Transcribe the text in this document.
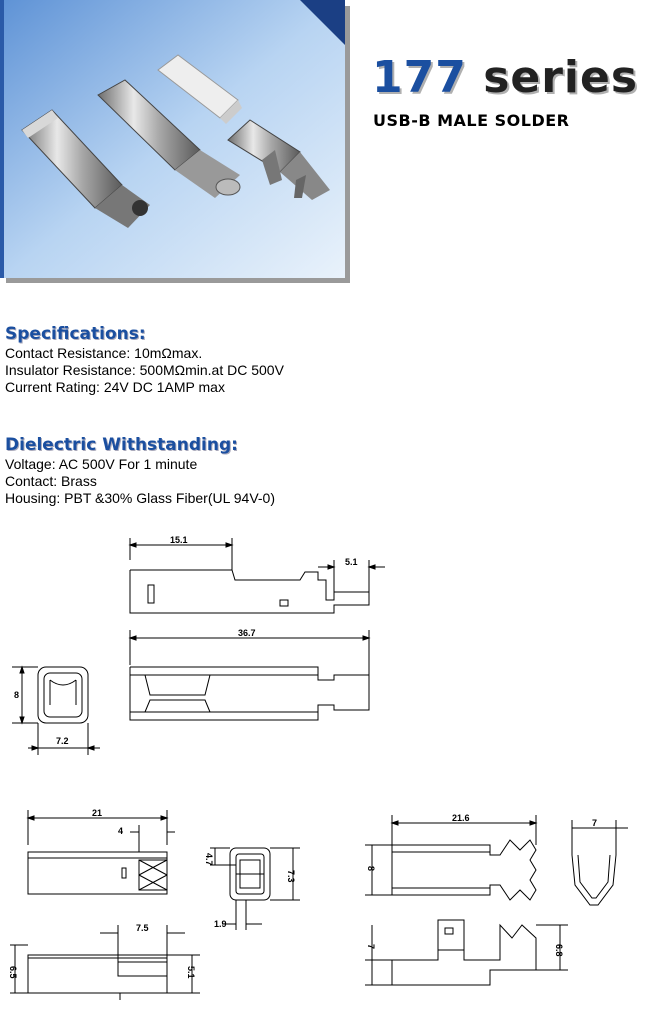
177 series
USB-B MALE SOLDER
Specifications:
Contact Resistance: 10mΩmax.
Insulator Resistance: 500MΩmin.at DC 500V
Current Rating: 24V DC 1AMP max
Dielectric Withstanding:
Voltage: AC 500V For 1 minute
Contact: Brass
Housing: PBT &30% Glass Fiber(UL 94V-0)
15.1
5.1
36.7
8
7.2
21
4
4.7
7.3
1.9
7.5
6.5	5.1
21.6
8
7
7	6.8
